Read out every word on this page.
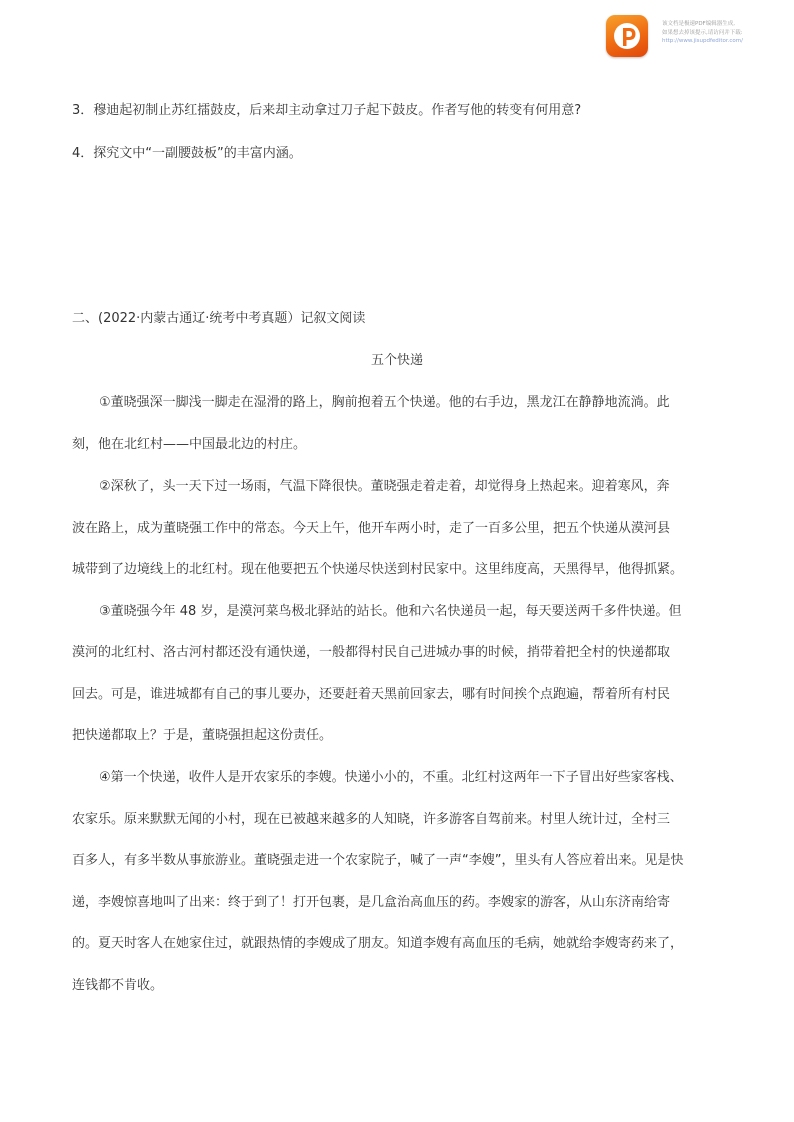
该文档是极速PDF编辑器生成,
如果想去掉该提示,请访问并下载:
http://www.jisupdfeditor.com/
3．穆迪起初制止苏红擂鼓皮，后来却主动拿过刀子起下鼓皮。作者写他的转变有何用意?
4．探究文中“一副腰鼓板”的丰富内涵。
二、(2022·内蒙古通辽·统考中考真题）记叙文阅读
五个快递
①董晓强深一脚浅一脚走在湿滑的路上，胸前抱着五个快递。他的右手边，黑龙江在静静地流淌。此
刻，他在北红村——中国最北边的村庄。
②深秋了，头一天下过一场雨，气温下降很快。董晓强走着走着，却觉得身上热起来。迎着寒风，奔
波在路上，成为董晓强工作中的常态。今天上午，他开车两小时，走了一百多公里，把五个快递从漠河县
城带到了边境线上的北红村。现在他要把五个快递尽快送到村民家中。这里纬度高，天黑得早，他得抓紧。
③董晓强今年 48 岁，是漠河菜鸟极北驿站的站长。他和六名快递员一起，每天要送两千多件快递。但
漠河的北红村、洛古河村都还没有通快递，一般都得村民自己进城办事的时候，捎带着把全村的快递都取
回去。可是，谁进城都有自己的事儿要办，还要赶着天黑前回家去，哪有时间挨个点跑遍，帮着所有村民
把快递都取上？于是，董晓强担起这份责任。
④第一个快递，收件人是开农家乐的李嫂。快递小小的，不重。北红村这两年一下子冒出好些家客栈、
农家乐。原来默默无闻的小村，现在已被越来越多的人知晓，许多游客自驾前来。村里人统计过，全村三
百多人，有多半数从事旅游业。董晓强走进一个农家院子，喊了一声“李嫂”，里头有人答应着出来。见是快
递，李嫂惊喜地叫了出来：终于到了！打开包裹，是几盒治高血压的药。李嫂家的游客，从山东济南给寄
的。夏天时客人在她家住过，就跟热情的李嫂成了朋友。知道李嫂有高血压的毛病，她就给李嫂寄药来了，
连钱都不肯收。
